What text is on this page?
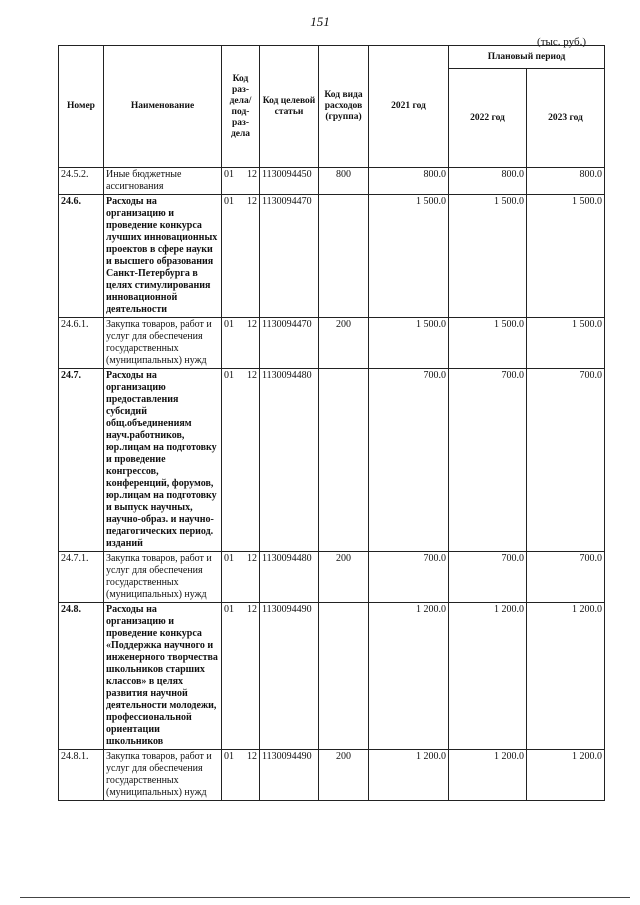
151
(тыс. руб.)
Номер	Наименование	Код раз-дела/ под-раз-дела		Код целевой статьи	Код вида расходов (группа)	2021 год	Плановый период	
							2022 год	2023 год
24.5.2.	Иные бюджетные ассигнования	01	12	1130094450	800	800.0	800.0	800.0
24.6.	Расходы на организацию и проведение конкурса лучших инновационных проектов в сфере науки и высшего образования Санкт-Петербурга в целях стимулирования инновационной деятельности	01	12	1130094470		1 500.0	1 500.0	1 500.0
24.6.1.	Закупка товаров, работ и услуг для обеспечения государственных (муниципальных) нужд	01	12	1130094470	200	1 500.0	1 500.0	1 500.0
24.7.	Расходы на организацию предоставления субсидий общ.объединениям науч.работников, юр.лицам на подготовку и проведение конгрессов, конференций, форумов, юр.лицам на подготовку и выпуск научных, научно-образ. и научно-педагогических период. изданий	01	12	1130094480		700.0	700.0	700.0
24.7.1.	Закупка товаров, работ и услуг для обеспечения государственных (муниципальных) нужд	01	12	1130094480	200	700.0	700.0	700.0
24.8.	Расходы на организацию и проведение конкурса «Поддержка научного и инженерного творчества школьников старших классов» в целях развития научной деятельности молодежи, профессиональной ориентации школьников	01	12	1130094490		1 200.0	1 200.0	1 200.0
24.8.1.	Закупка товаров, работ и услуг для обеспечения государственных (муниципальных) нужд	01	12	1130094490	200	1 200.0	1 200.0	1 200.0
